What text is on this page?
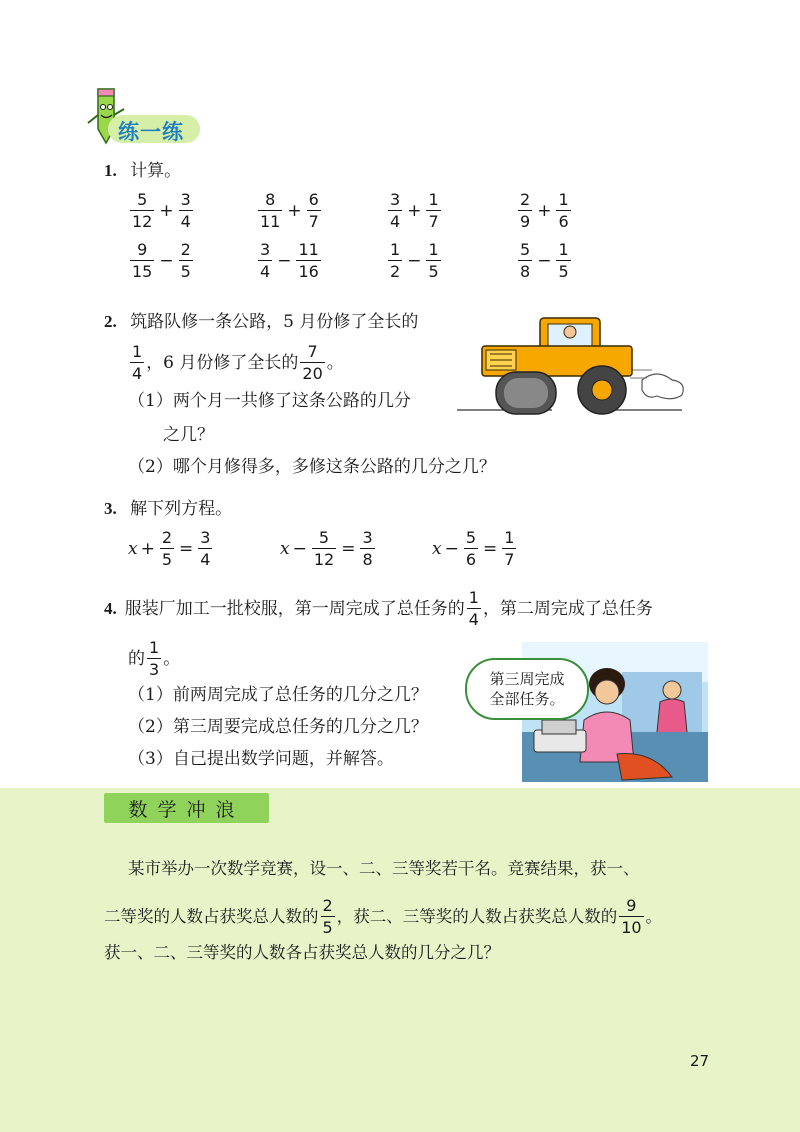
练一练
1. 计算。
$\frac{5}{12} + \frac{3}{4}$	$\frac{8}{11} + \frac{6}{7}$	$\frac{3}{4} + \frac{1}{7}$	$\frac{2}{9} + \frac{1}{6}$
$\frac{9}{15} - \frac{2}{5}$	$\frac{3}{4} - \frac{11}{16}$	$\frac{1}{2} - \frac{1}{5}$	$\frac{5}{8} - \frac{1}{5}$
2. 筑路队修一条公路，5 月份修了全长的
$\frac{1}{4}$ ，6 月份修了全长的 $\frac{7}{20}$ 。
（1）两个月一共修了这条公路的几分
之几？
（2）哪个月修得多，多修这条公路的几分之几？
3. 解下列方程。
$x + \frac{2}{5} = \frac{3}{4}$	$x - \frac{5}{12} = \frac{3}{8}$	$x - \frac{5}{6} = \frac{1}{7}$
4. 服装厂加工一批校服，第一周完成了总任务的 $\frac{1}{4}$ ，第二周完成了总任务
的 $\frac{1}{3}$ 。
（1）前两周完成了总任务的几分之几？
（2）第三周要完成总任务的几分之几？
（3）自己提出数学问题，并解答。
第三周完成
全部任务。
数学冲浪
某市举办一次数学竞赛，设一、二、三等奖若干名。竞赛结果，获一、
二等奖的人数占获奖总人数的 $\frac{2}{5}$ ，获二、三等奖的人数占获奖总人数的 $\frac{9}{10}$ 。
获一、二、三等奖的人数各占获奖总人数的几分之几？
27
